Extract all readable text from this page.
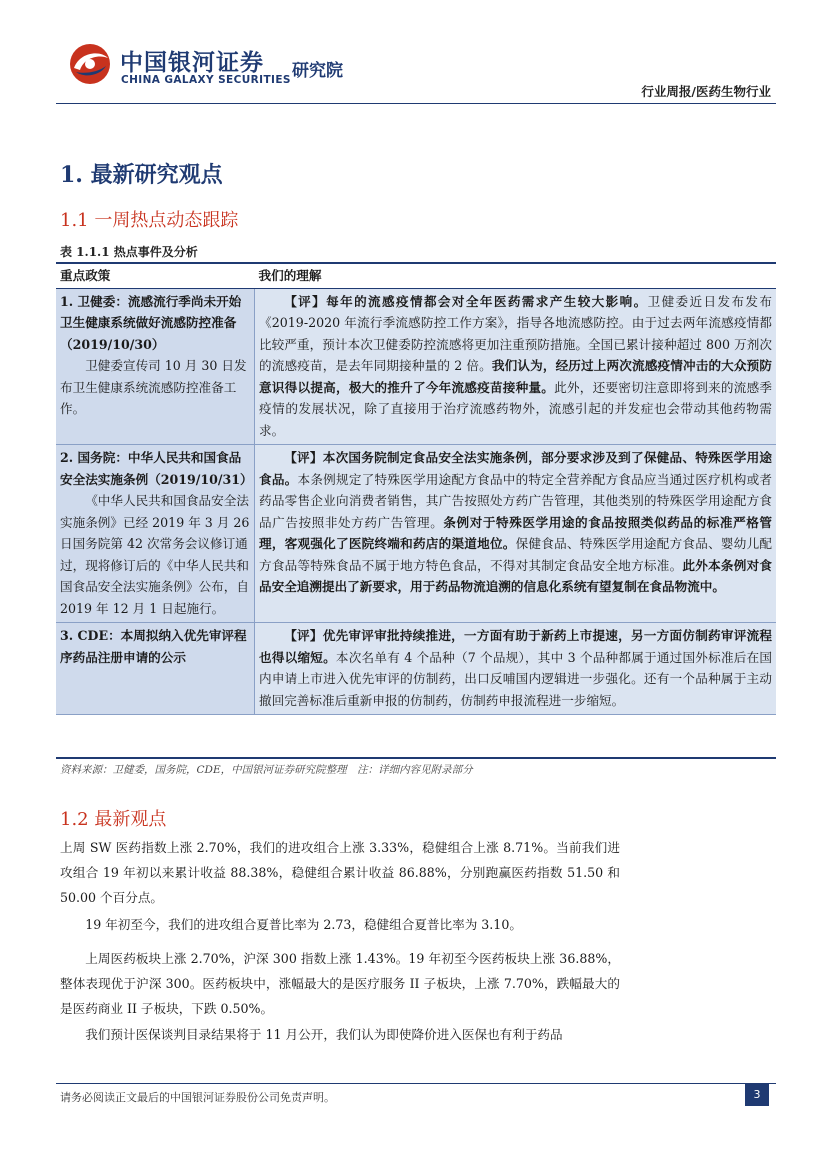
中国银河证券
CHINA GALAXY SECURITIES 研究院
行业周报/医药生物行业
1. 最新研究观点
1.1 一周热点动态跟踪
表 1.1.1 热点事件及分析
重点政策	我们的理解

1. 卫健委：流感流行季尚未开始卫生健康系统做好流感防控准备（2019/10/30）
卫健委宣传司 10 月 30 日发布卫生健康系统流感防控准备工作。	【评】每年的流感疫情都会对全年医药需求产生较大影响。卫健委近日发布发布《2019-2020 年流行季流感防控工作方案》，指导各地流感防控。由于过去两年流感疫情都比较严重，预计本次卫健委防控流感将更加注重预防措施。全国已累计接种超过 800 万剂次的流感疫苗，是去年同期接种量的 2 倍。我们认为，经历过上两次流感疫情冲击的大众预防意识得以提高，极大的推升了今年流感疫苗接种量。此外，还要密切注意即将到来的流感季疫情的发展状况，除了直接用于治疗流感药物外，流感引起的并发症也会带动其他药物需求。

2. 国务院：中华人民共和国食品安全法实施条例（2019/10/31）
《中华人民共和国食品安全法实施条例》已经 2019 年 3 月 26 日国务院第 42 次常务会议修订通过，现将修订后的《中华人民共和国食品安全法实施条例》公布，自 2019 年 12 月 1 日起施行。	【评】本次国务院制定食品安全法实施条例，部分要求涉及到了保健品、特殊医学用途食品。本条例规定了特殊医学用途配方食品中的特定全营养配方食品应当通过医疗机构或者药品零售企业向消费者销售，其广告按照处方药广告管理，其他类别的特殊医学用途配方食品广告按照非处方药广告管理。条例对于特殊医学用途的食品按照类似药品的标准严格管理，客观强化了医院终端和药店的渠道地位。保健食品、特殊医学用途配方食品、婴幼儿配方食品等特殊食品不属于地方特色食品，不得对其制定食品安全地方标准。此外本条例对食品安全追溯提出了新要求，用于药品物流追溯的信息化系统有望复制在食品物流中。

3. CDE：本周拟纳入优先审评程序药品注册申请的公示	【评】优先审评审批持续推进，一方面有助于新药上市提速，另一方面仿制药审评流程也得以缩短。本次名单有 4 个品种（7 个品规），其中 3 个品种都属于通过国外标准后在国内申请上市进入优先审评的仿制药，出口反哺国内逻辑进一步强化。还有一个品种属于主动撤回完善标准后重新申报的仿制药，仿制药申报流程进一步缩短。
资料来源：卫健委，国务院，CDE，中国银河证券研究院整理　注：详细内容见附录部分
1.2 最新观点
上周 SW 医药指数上涨 2.70%，我们的进攻组合上涨 3.33%，稳健组合上涨 8.71%。当前我们进攻组合 19 年初以来累计收益 88.38%，稳健组合累计收益 86.88%，分别跑赢医药指数 51.50 和 50.00 个百分点。
19 年初至今，我们的进攻组合夏普比率为 2.73，稳健组合夏普比率为 3.10。
上周医药板块上涨 2.70%，沪深 300 指数上涨 1.43%。19 年初至今医药板块上涨 36.88%，整体表现优于沪深 300。医药板块中，涨幅最大的是医疗服务 II 子板块，上涨 7.70%，跌幅最大的是医药商业 II 子板块，下跌 0.50%。
我们预计医保谈判目录结果将于 11 月公开，我们认为即使降价进入医保也有利于药品
请务必阅读正文最后的中国银河证券股份公司免责声明。	3
